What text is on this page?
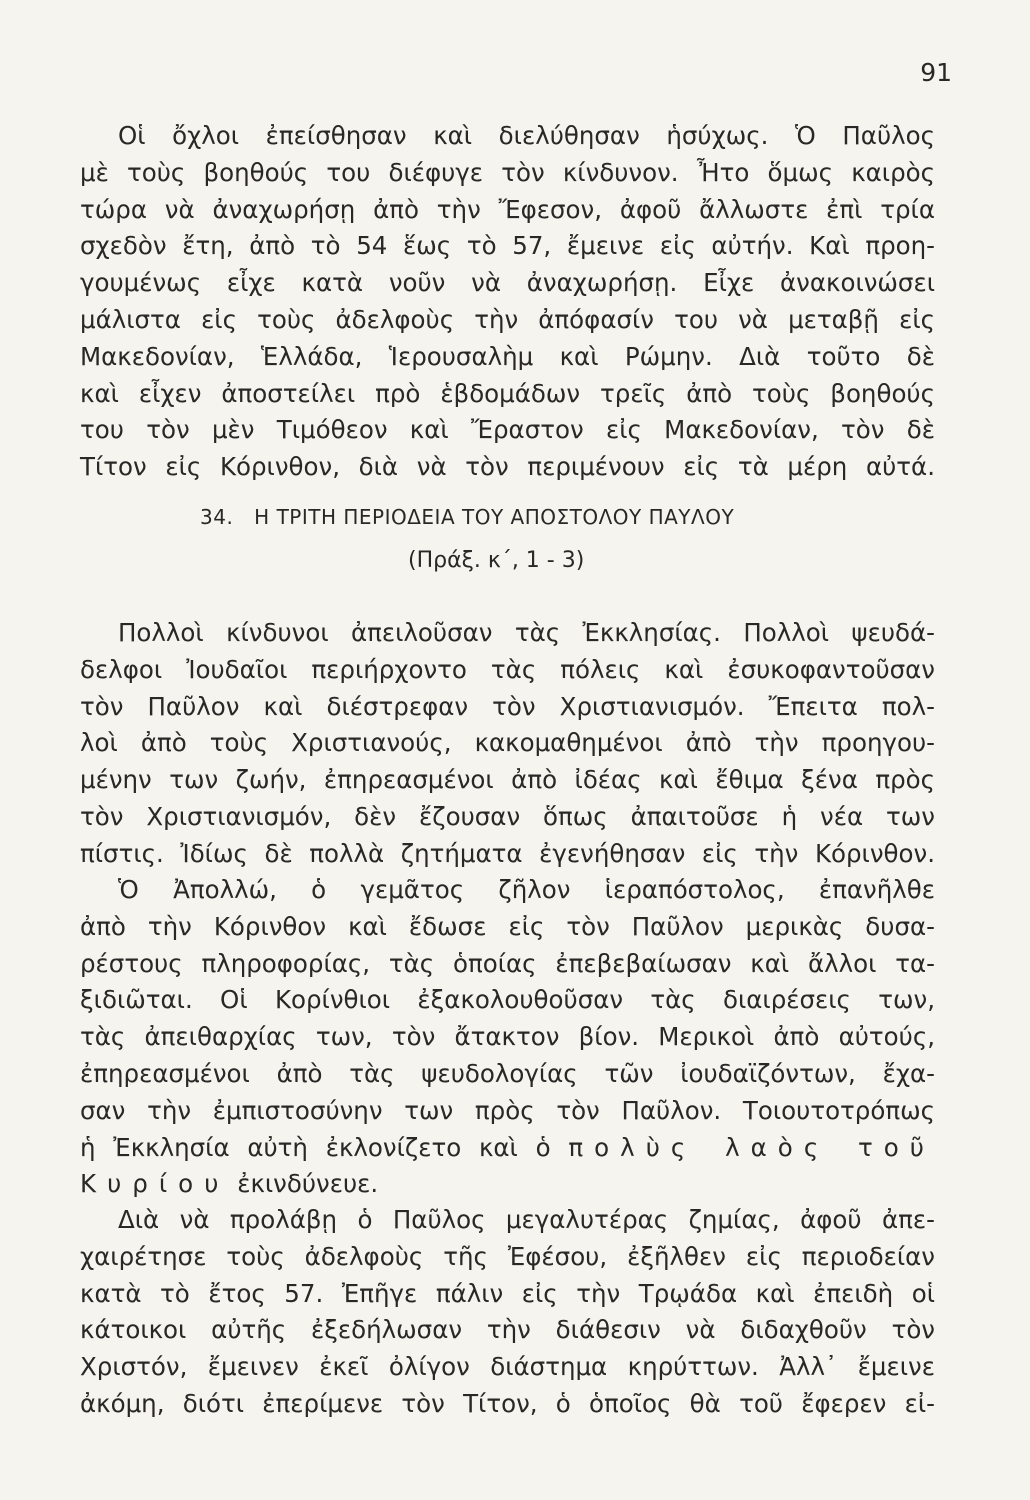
91
Οἱ ὄχλοι ἐπείσθησαν καὶ διελύθησαν ἡσύχως. Ὁ Παῦλος
μὲ τοὺς βοηθούς του διέφυγε τὸν κίνδυνον. Ἦτο ὅμως καιρὸς
τώρα νὰ ἀναχωρήσῃ ἀπὸ τὴν Ἔφεσον, ἀφοῦ ἄλλωστε ἐπὶ τρία
σχεδὸν ἔτη, ἀπὸ τὸ 54 ἕως τὸ 57, ἔμεινε εἰς αὐτήν. Καὶ προη-
γουμένως εἶχε κατὰ νοῦν νὰ ἀναχωρήσῃ. Εἶχε ἀνακοινώσει
μάλιστα εἰς τοὺς ἀδελφοὺς τὴν ἀπόφασίν του νὰ μεταβῇ εἰς
Μακεδονίαν, Ἑλλάδα, Ἱερουσαλὴμ καὶ Ρώμην. Διὰ τοῦτο δὲ
καὶ εἶχεν ἀποστείλει πρὸ ἑβδομάδων τρεῖς ἀπὸ τοὺς βοηθούς
του τὸν μὲν Τιμόθεον καὶ Ἔραστον εἰς Μακεδονίαν, τὸν δὲ
Τίτον εἰς Κόρινθον, διὰ νὰ τὸν περιμένουν εἰς τὰ μέρη αὐτά.
34. Η ΤΡΙΤΗ ΠΕΡΙΟΔΕΙΑ ΤΟΥ ΑΠΟΣΤΟΛΟΥ ΠΑΥΛΟΥ
(Πράξ. κ΄, 1 - 3)
Πολλοὶ κίνδυνοι ἀπειλοῦσαν τὰς Ἐκκλησίας. Πολλοὶ ψευδά-
δελφοι Ἰουδαῖοι περιήρχοντο τὰς πόλεις καὶ ἐσυκοφαντοῦσαν
τὸν Παῦλον καὶ διέστρεφαν τὸν Χριστιανισμόν. Ἔπειτα πολ-
λοὶ ἀπὸ τοὺς Χριστιανούς, κακομαθημένοι ἀπὸ τὴν προηγου-
μένην των ζωήν, ἐπηρεασμένοι ἀπὸ ἰδέας καὶ ἔθιμα ξένα πρὸς
τὸν Χριστιανισμόν, δὲν ἔζουσαν ὅπως ἀπαιτοῦσε ἡ νέα των
πίστις. Ἰδίως δὲ πολλὰ ζητήματα ἐγενήθησαν εἰς τὴν Κόρινθον.
Ὁ Ἀπολλώ, ὁ γεμᾶτος ζῆλον ἱεραπόστολος, ἐπανῆλθε
ἀπὸ τὴν Κόρινθον καὶ ἔδωσε εἰς τὸν Παῦλον μερικὰς δυσα-
ρέστους πληροφορίας, τὰς ὁποίας ἐπεβεβαίωσαν καὶ ἄλλοι τα-
ξιδιῶται. Οἱ Κορίνθιοι ἐξακολουθοῦσαν τὰς διαιρέσεις των,
τὰς ἀπειθαρχίας των, τὸν ἄτακτον βίον. Μερικοὶ ἀπὸ αὐτούς,
ἐπηρεασμένοι ἀπὸ τὰς ψευδολογίας τῶν ἰουδαϊζόντων, ἔχα-
σαν τὴν ἐμπιστοσύνην των πρὸς τὸν Παῦλον. Τοιουτοτρόπως
ἡ Ἐκκλησία αὐτὴ ἐκλονίζετο καὶ ὁ πολὺς λαὸς τοῦ
Κυρίου ἐκινδύνευε.
Διὰ νὰ προλάβῃ ὁ Παῦλος μεγαλυτέρας ζημίας, ἀφοῦ ἀπε-
χαιρέτησε τοὺς ἀδελφοὺς τῆς Ἐφέσου, ἐξῆλθεν εἰς περιοδείαν
κατὰ τὸ ἔτος 57. Ἐπῆγε πάλιν εἰς τὴν Τρῳάδα καὶ ἐπειδὴ οἱ
κάτοικοι αὐτῆς ἐξεδήλωσαν τὴν διάθεσιν νὰ διδαχθοῦν τὸν
Χριστόν, ἔμεινεν ἐκεῖ ὀλίγον διάστημα κηρύττων. Ἀλλ᾽ ἔμεινε
ἀκόμη, διότι ἐπερίμενε τὸν Τίτον, ὁ ὁποῖος θὰ τοῦ ἔφερεν εἰ-
